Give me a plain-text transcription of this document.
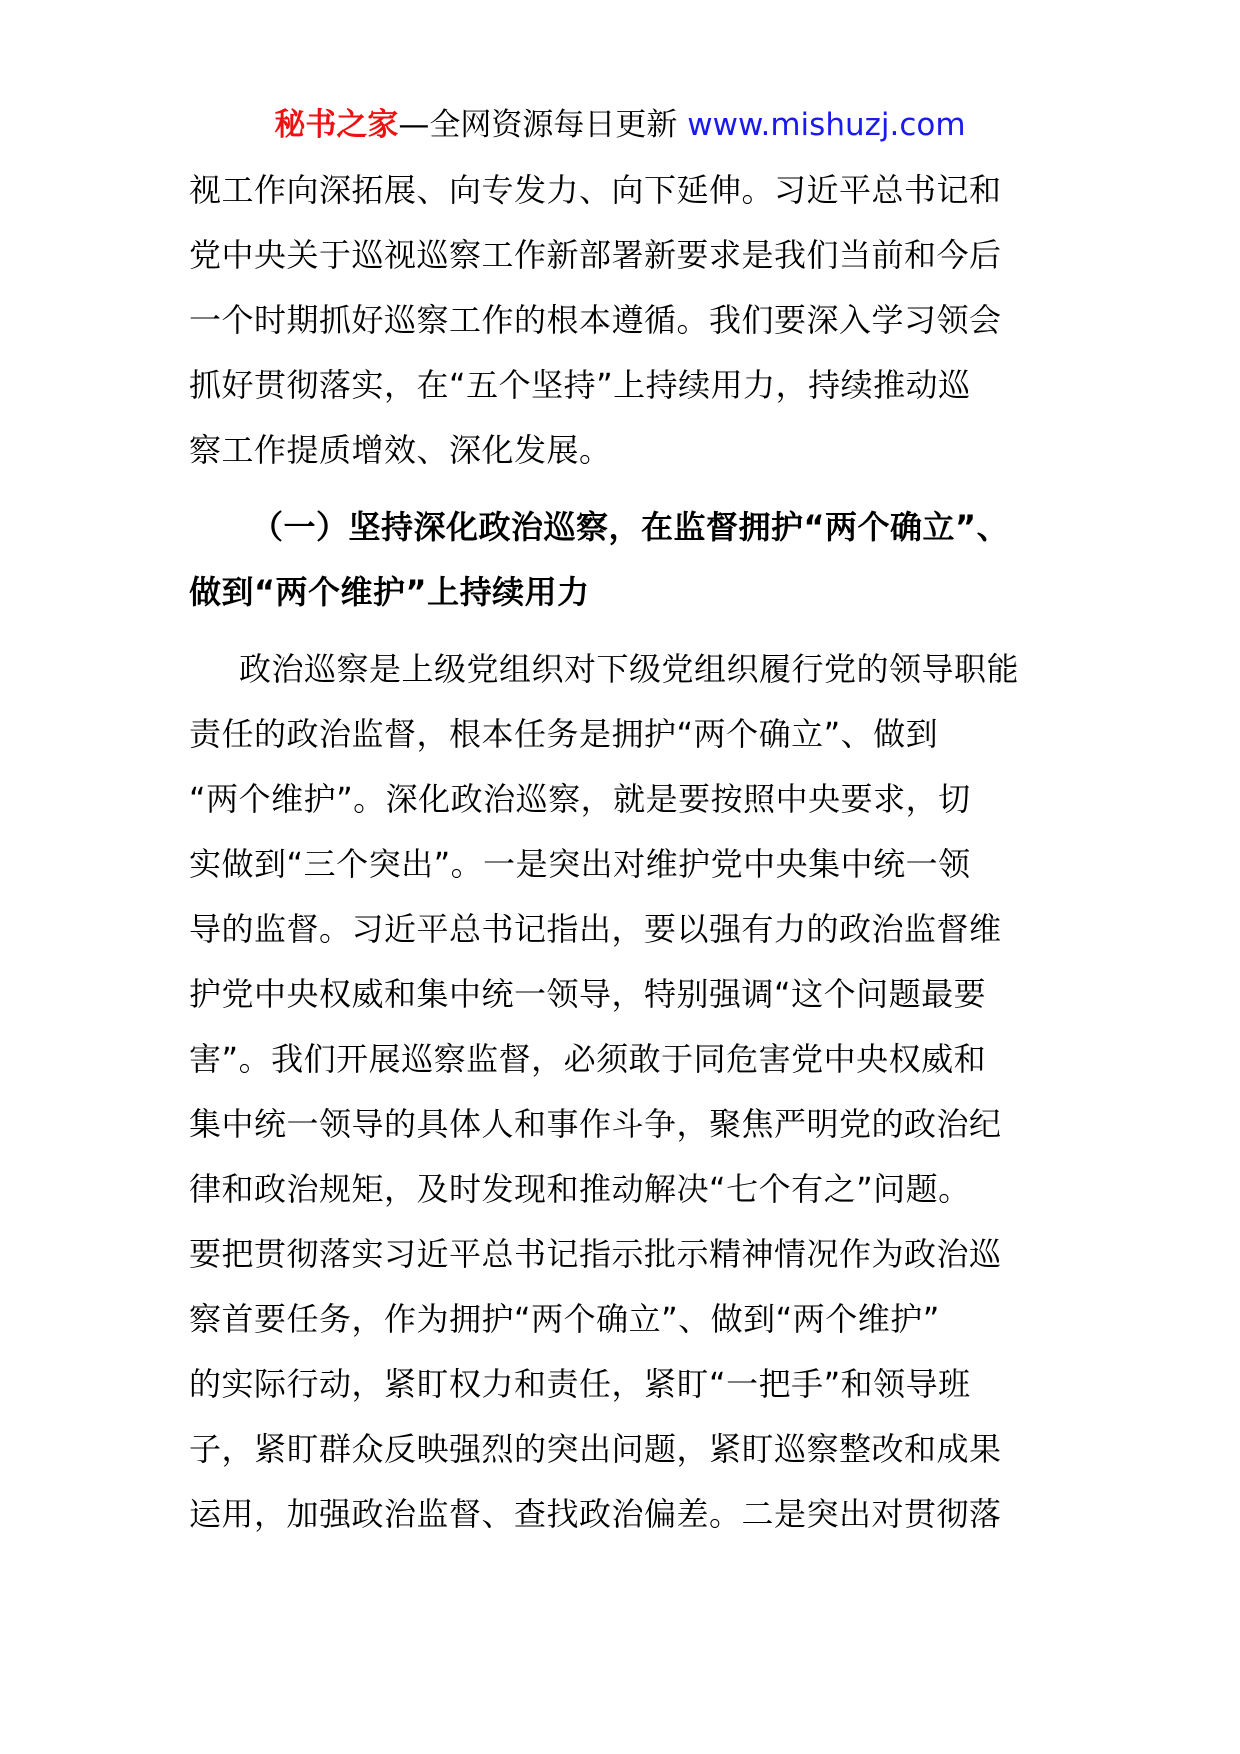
秘书之家—全网资源每日更新 www.mishuzj.com
视工作向深拓展、向专发力、向下延伸。习近平总书记和
党中央关于巡视巡察工作新部署新要求是我们当前和今后
一个时期抓好巡察工作的根本遵循。我们要深入学习领会
抓好贯彻落实，在“五个坚持”上持续用力，持续推动巡
察工作提质增效、深化发展。
（一）坚持深化政治巡察，在监督拥护“两个确立”、
做到“两个维护”上持续用力
政治巡察是上级党组织对下级党组织履行党的领导职能
责任的政治监督，根本任务是拥护“两个确立”、做到
“两个维护”。深化政治巡察，就是要按照中央要求，切
实做到“三个突出”。一是突出对维护党中央集中统一领
导的监督。习近平总书记指出，要以强有力的政治监督维
护党中央权威和集中统一领导，特别强调“这个问题最要
害”。我们开展巡察监督，必须敢于同危害党中央权威和
集中统一领导的具体人和事作斗争，聚焦严明党的政治纪
律和政治规矩，及时发现和推动解决“七个有之”问题。
要把贯彻落实习近平总书记指示批示精神情况作为政治巡
察首要任务，作为拥护“两个确立”、做到“两个维护”
的实际行动，紧盯权力和责任，紧盯“一把手”和领导班
子，紧盯群众反映强烈的突出问题，紧盯巡察整改和成果
运用，加强政治监督、查找政治偏差。二是突出对贯彻落
